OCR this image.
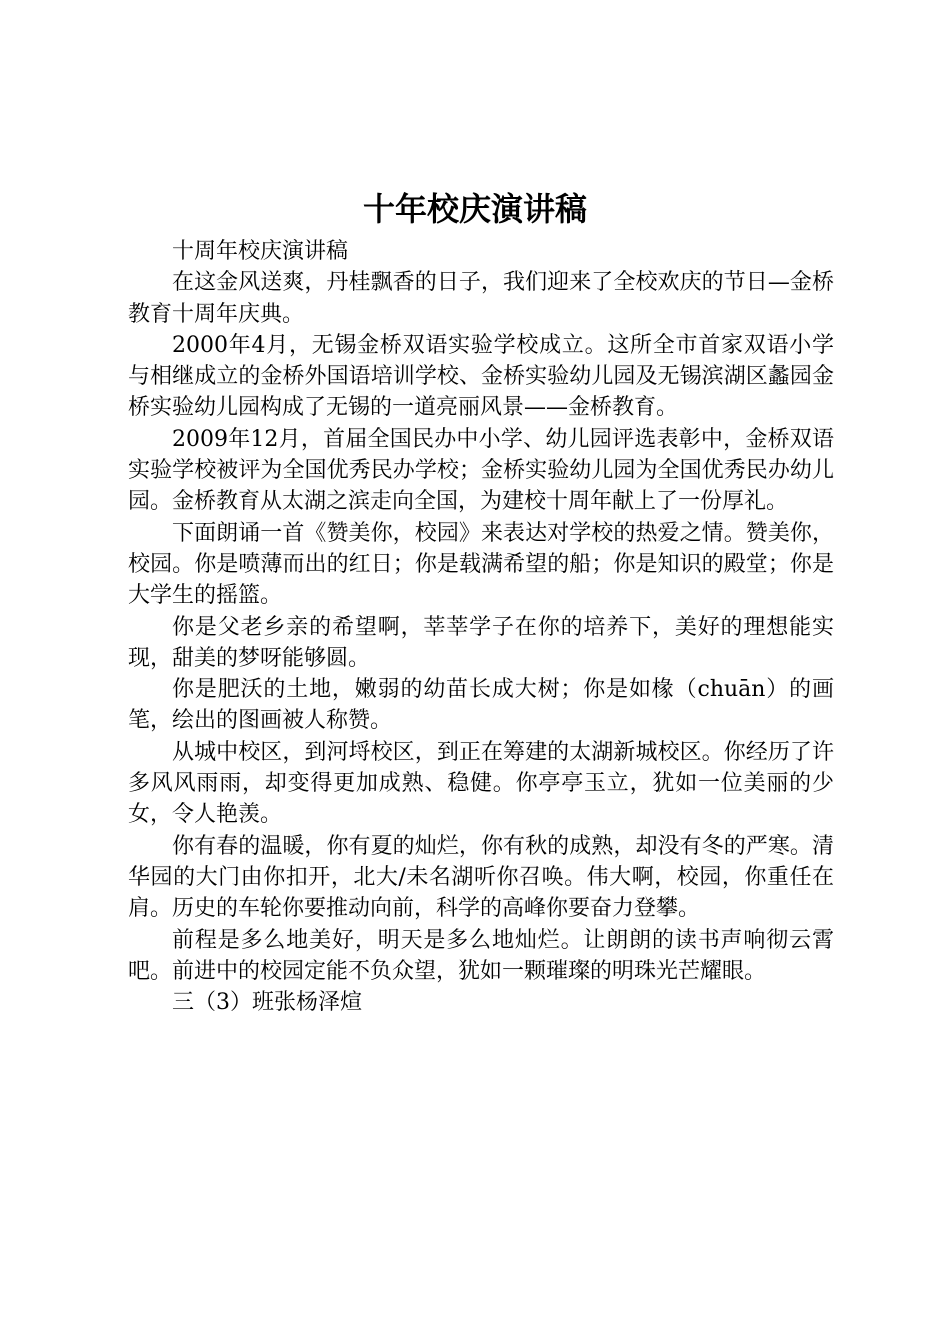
十年校庆演讲稿

十周年校庆演讲稿

在这金风送爽，丹桂飘香的日子，我们迎来了全校欢庆的节日—金桥教育十周年庆典。

2000年4月，无锡金桥双语实验学校成立。这所全市首家双语小学与相继成立的金桥外国语培训学校、金桥实验幼儿园及无锡滨湖区蠡园金桥实验幼儿园构成了无锡的一道亮丽风景——金桥教育。

2009年12月，首届全国民办中小学、幼儿园评选表彰中，金桥双语实验学校被评为全国优秀民办学校；金桥实验幼儿园为全国优秀民办幼儿园。金桥教育从太湖之滨走向全国，为建校十周年献上了一份厚礼。

下面朗诵一首《赞美你，校园》来表达对学校的热爱之情。赞美你，校园。你是喷薄而出的红日；你是载满希望的船；你是知识的殿堂；你是大学生的摇篮。

你是父老乡亲的希望啊，莘莘学子在你的培养下，美好的理想能实现，甜美的梦呀能够圆。

你是肥沃的土地，嫩弱的幼苗长成大树；你是如椽（chuān）的画笔，绘出的图画被人称赞。

从城中校区，到河埒校区，到正在筹建的太湖新城校区。你经历了许多风风雨雨，却变得更加成熟、稳健。你亭亭玉立，犹如一位美丽的少女，令人艳羡。

你有春的温暖，你有夏的灿烂，你有秋的成熟，却没有冬的严寒。清华园的大门由你扣开，北大/未名湖听你召唤。伟大啊，校园，你重任在肩。历史的车轮你要推动向前，科学的高峰你要奋力登攀。

前程是多么地美好，明天是多么地灿烂。让朗朗的读书声响彻云霄吧。前进中的校园定能不负众望，犹如一颗璀璨的明珠光芒耀眼。

三（3）班张杨泽煊
